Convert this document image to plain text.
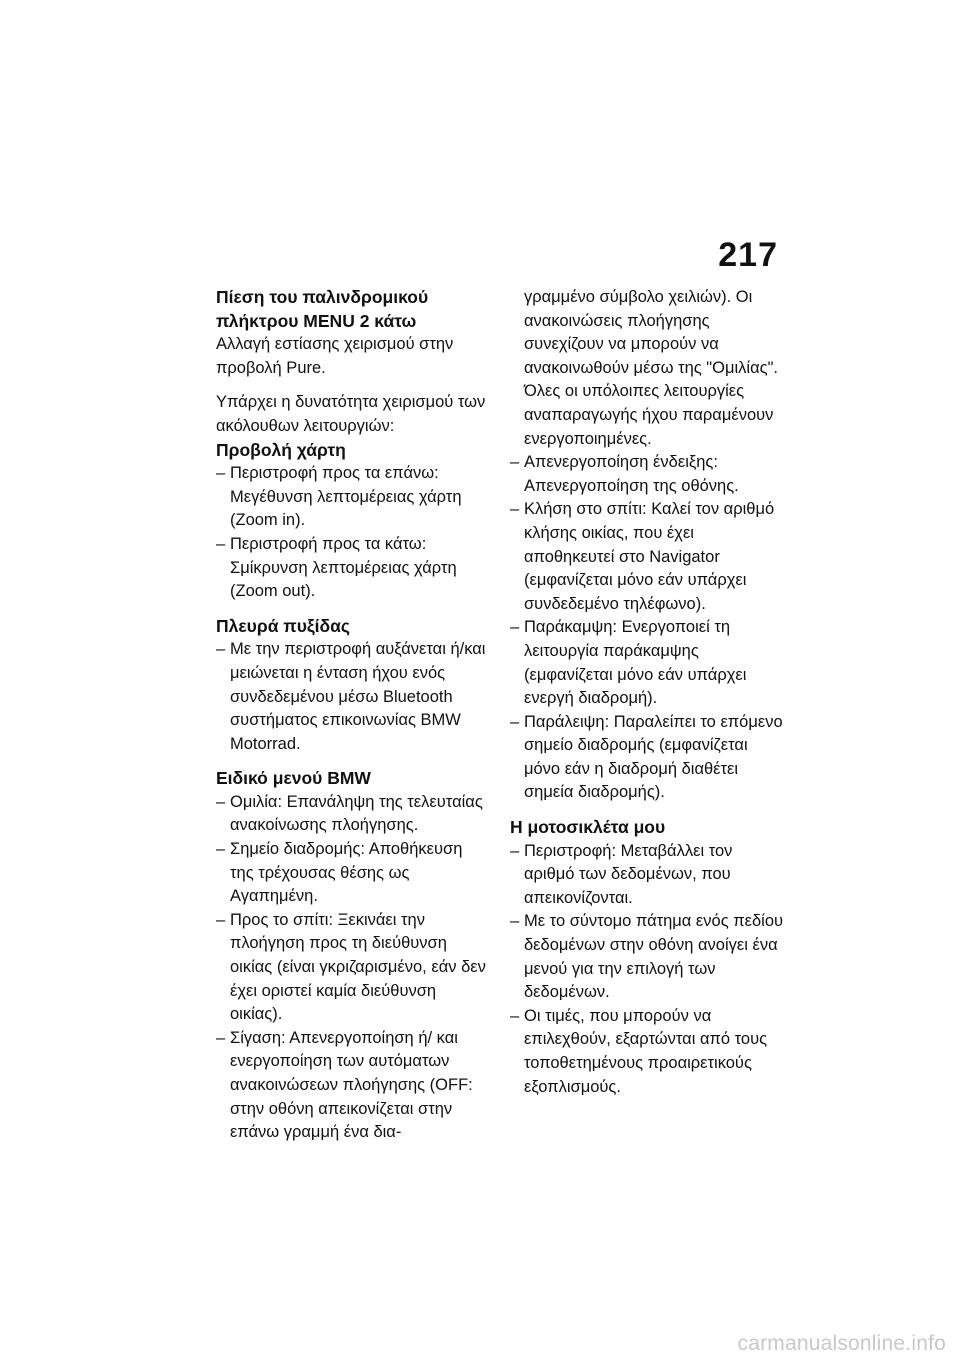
217

Πίεση του παλινδρομικού πλήκτρου MENU 2 κάτω

Αλλαγή εστίασης χειρισμού στην προβολή Pure.

Υπάρχει η δυνατότητα χειρισμού των ακόλουθων λειτουργιών:

Προβολή χάρτη

– Περιστροφή προς τα επάνω: Μεγέθυνση λεπτομέρειας χάρτη (Zoom in).
– Περιστροφή προς τα κάτω: Σμίκρυνση λεπτομέρειας χάρτη (Zoom out).

Πλευρά πυξίδας

– Με την περιστροφή αυξάνεται ή/και μειώνεται η ένταση ήχου ενός συνδεδεμένου μέσω Bluetooth συστήματος επικοινωνίας BMW Motorrad.

Ειδικό μενού BMW

– Ομιλία: Επανάληψη της τελευταίας ανακοίνωσης πλοήγησης.
– Σημείο διαδρομής: Αποθήκευση της τρέχουσας θέσης ως Αγαπημένη.
– Προς το σπίτι: Ξεκινάει την πλοήγηση προς τη διεύθυνση οικίας (είναι γκριζαρισμένο, εάν δεν έχει οριστεί καμία διεύθυνση οικίας).
– Σίγαση: Απενεργοποίηση ή/ και ενεργοποίηση των αυτόματων ανακοινώσεων πλοήγησης (OFF: στην οθόνη απεικονίζεται στην επάνω γραμμή ένα δια-

γραμμένο σύμβολο χειλιών). Οι ανακοινώσεις πλοήγησης συνεχίζουν να μπορούν να ανακοινωθούν μέσω της "Ομιλίας". Όλες οι υπόλοιπες λειτουργίες αναπαραγωγής ήχου παραμένουν ενεργοποιημένες.

– Απενεργοποίηση ένδειξης: Απενεργοποίηση της οθόνης.
– Κλήση στο σπίτι: Καλεί τον αριθμό κλήσης οικίας, που έχει αποθηκευτεί στο Navigator (εμφανίζεται μόνο εάν υπάρχει συνδεδεμένο τηλέφωνο).
– Παράκαμψη: Ενεργοποιεί τη λειτουργία παράκαμψης (εμφανίζεται μόνο εάν υπάρχει ενεργή διαδρομή).
– Παράλειψη: Παραλείπει το επόμενο σημείο διαδρομής (εμφανίζεται μόνο εάν η διαδρομή διαθέτει σημεία διαδρομής).

Η μοτοσικλέτα μου

– Περιστροφή: Μεταβάλλει τον αριθμό των δεδομένων, που απεικονίζονται.
– Με το σύντομο πάτημα ενός πεδίου δεδομένων στην οθόνη ανοίγει ένα μενού για την επιλογή των δεδομένων.
– Οι τιμές, που μπορούν να επιλεχθούν, εξαρτώνται από τους τοποθετημένους προαιρετικούς εξοπλισμούς.
carmanualsonline.info
